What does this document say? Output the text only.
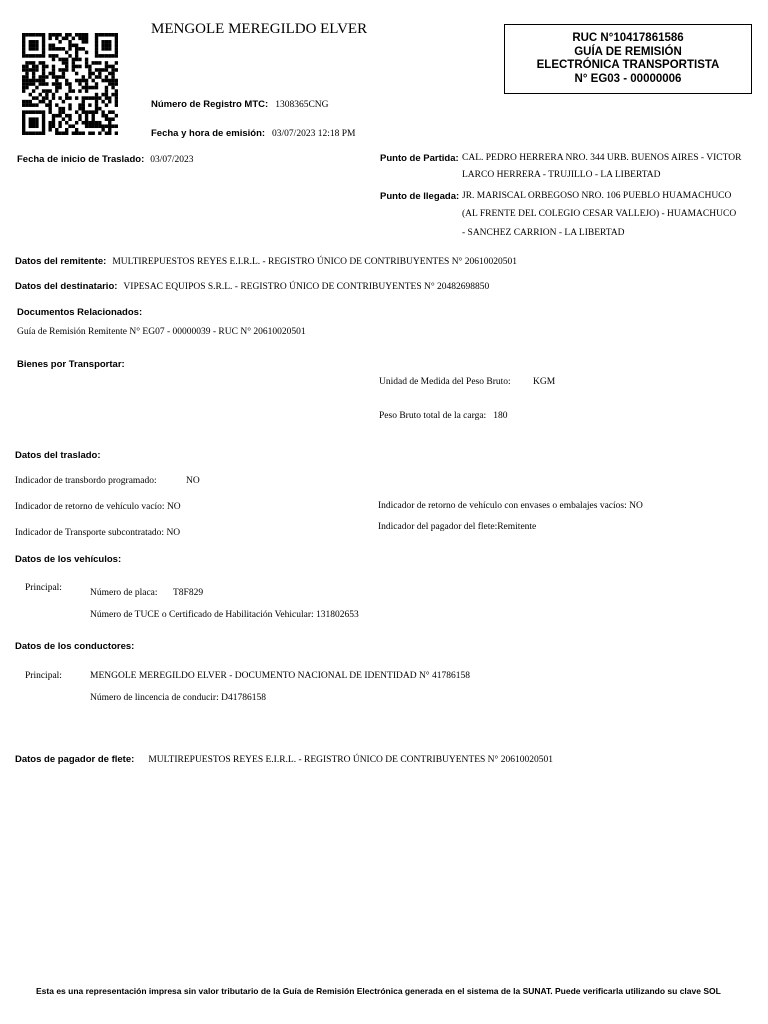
MENGOLE MEREGILDO ELVER
RUC N°10417861586
GUÍA DE REMISIÓN
ELECTRÓNICA TRANSPORTISTA
N° EG03 - 00000006
Número de Registro MTC: 1308365CNG
Fecha y hora de emisión: 03/07/2023 12:18 PM
Fecha de inicio de Traslado: 03/07/2023	Punto de Partida: CAL. PEDRO HERRERA NRO. 344 URB. BUENOS AIRES - VICTOR
LARCO HERRERA - TRUJILLO - LA LIBERTAD
Punto de llegada: JR. MARISCAL ORBEGOSO NRO. 106 PUEBLO HUAMACHUCO
(AL FRENTE DEL COLEGIO CESAR VALLEJO) - HUAMACHUCO
- SANCHEZ CARRION - LA LIBERTAD
Datos del remitente: MULTIREPUESTOS REYES E.I.R.L. - REGISTRO ÚNICO DE CONTRIBUYENTES N° 20610020501
Datos del destinatario: VIPESAC EQUIPOS S.R.L. - REGISTRO ÚNICO DE CONTRIBUYENTES N° 20482698850
Documentos Relacionados:
Guía de Remisión Remitente N° EG07 - 00000039 - RUC N° 20610020501
Bienes por Transportar:
Unidad de Medida del Peso Bruto: KGM
Peso Bruto total de la carga: 180
Datos del traslado:
Indicador de transbordo programado:	NO
Indicador de retorno de vehículo vacío: NO	Indicador de retorno de vehículo con envases o embalajes vacíos: NO
Indicador de Transporte subcontratado: NO
Indicador del pagador del flete:Remitente
Datos de los vehículos:
Principal:	Número de placa: T8F829
Número de TUCE o Certificado de Habilitación Vehicular: 131802653
Datos de los conductores:
Principal:	MENGOLE MEREGILDO ELVER - DOCUMENTO NACIONAL DE IDENTIDAD N° 41786158
Número de lincencia de conducir: D41786158
Datos de pagador de flete: MULTIREPUESTOS REYES E.I.R.L. - REGISTRO ÚNICO DE CONTRIBUYENTES N° 20610020501
Esta es una representación impresa sin valor tributario de la Guía de Remisión Electrónica generada en el sistema de la SUNAT. Puede verificarla utilizando su clave SOL
